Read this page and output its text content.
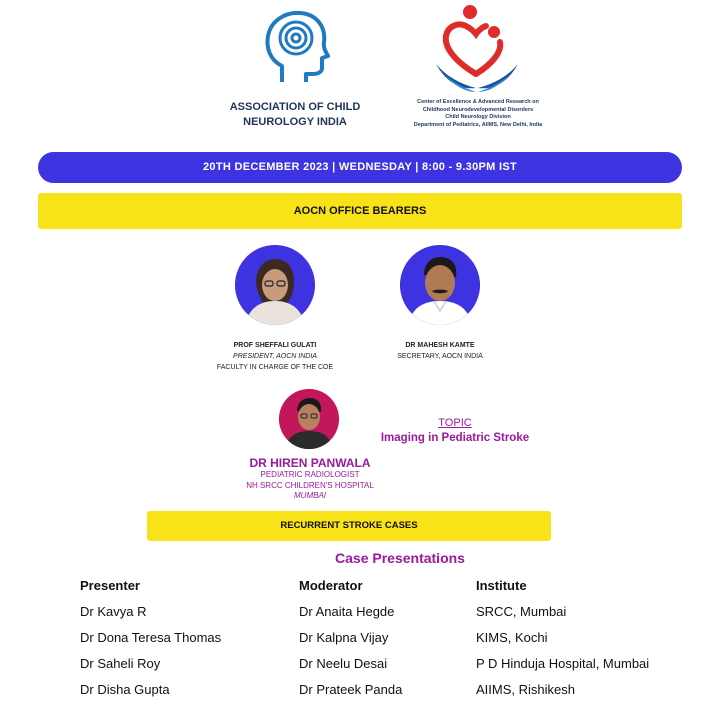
ASSOCIATION OF CHILD
NEUROLOGY INDIA
Center of Excellence & Advanced Research on
Childhood Neurodevelopmental Disorders
Child Neurology Division
Department of Pediatrics, AIIMS, New Delhi, India
20TH DECEMBER 2023 | WEDNESDAY | 8:00 - 9.30PM IST
AOCN OFFICE BEARERS
PROF SHEFFALI GULATI
PRESIDENT, AOCN INDIA
FACULTY IN CHARGE OF THE COE
DR MAHESH KAMTE
SECRETARY, AOCN INDIA
DR HIREN PANWALA
PEDIATRIC RADIOLOGIST
NH SRCC CHILDREN'S HOSPITAL
MUMBAI
TOPIC
Imaging in Pediatric Stroke
RECURRENT STROKE CASES
Case Presentations
Presenter	Moderator	Institute
Dr Kavya R	Dr Anaita Hegde	SRCC, Mumbai
Dr Dona Teresa Thomas	Dr Kalpna Vijay	KIMS, Kochi
Dr Saheli Roy	Dr Neelu Desai	P D Hinduja Hospital, Mumbai
Dr Disha Gupta	Dr Prateek Panda	AIIMS, Rishikesh
